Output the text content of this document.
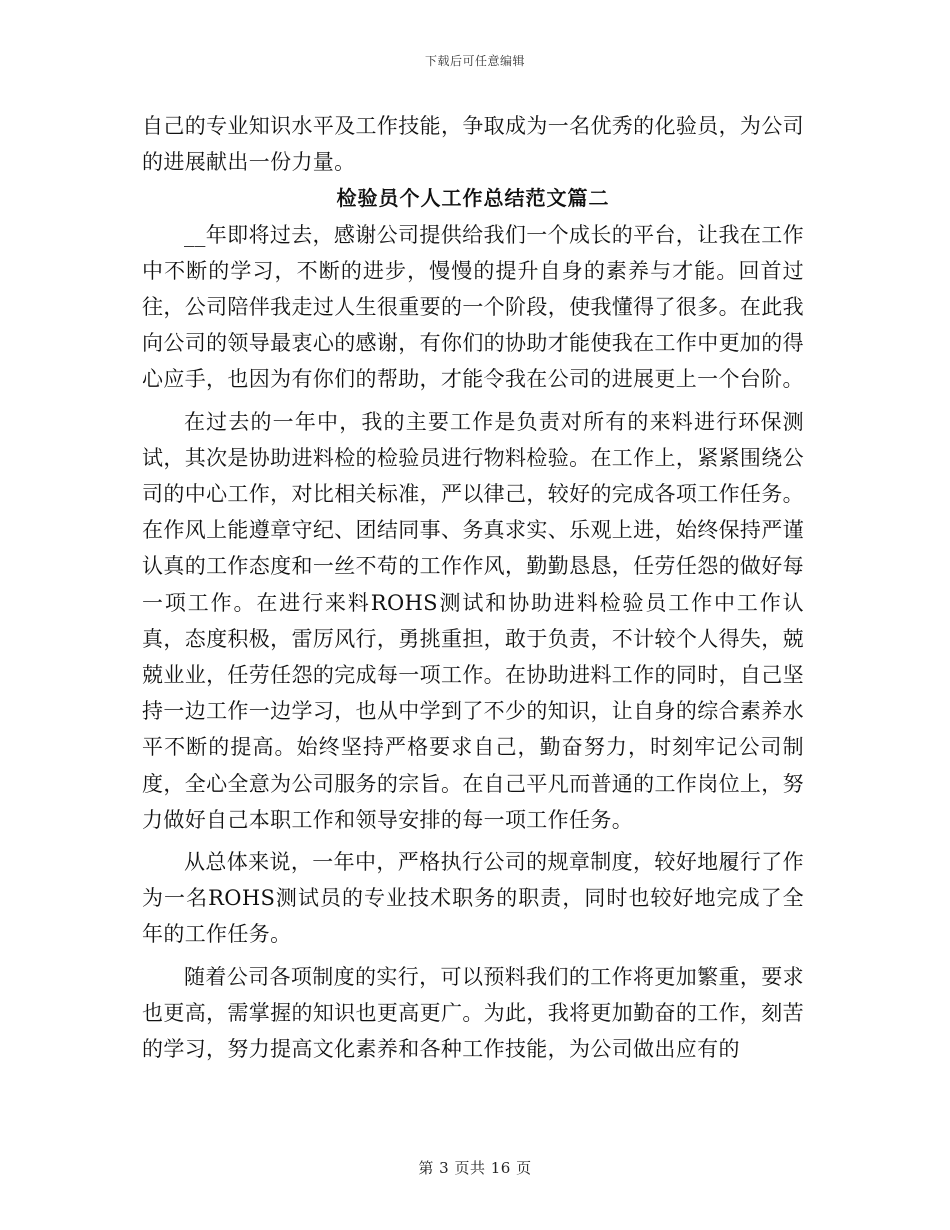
下载后可任意编辑

自己的专业知识水平及工作技能，争取成为一名优秀的化验员，为公司的进展献出一份力量。

检验员个人工作总结范文篇二

__年即将过去，感谢公司提供给我们一个成长的平台，让我在工作中不断的学习，不断的进步，慢慢的提升自身的素养与才能。回首过往，公司陪伴我走过人生很重要的一个阶段，使我懂得了很多。在此我向公司的领导最衷心的感谢，有你们的协助才能使我在工作中更加的得心应手，也因为有你们的帮助，才能令我在公司的进展更上一个台阶。

在过去的一年中，我的主要工作是负责对所有的来料进行环保测试，其次是协助进料检的检验员进行物料检验。在工作上，紧紧围绕公司的中心工作，对比相关标准，严以律己，较好的完成各项工作任务。在作风上能遵章守纪、团结同事、务真求实、乐观上进，始终保持严谨认真的工作态度和一丝不苟的工作作风，勤勤恳恳，任劳任怨的做好每一项工作。在进行来料ROHS测试和协助进料检验员工作中工作认真，态度积极，雷厉风行，勇挑重担，敢于负责，不计较个人得失，兢兢业业，任劳任怨的完成每一项工作。在协助进料工作的同时，自己坚持一边工作一边学习，也从中学到了不少的知识，让自身的综合素养水平不断的提高。始终坚持严格要求自己，勤奋努力，时刻牢记公司制度，全心全意为公司服务的宗旨。在自己平凡而普通的工作岗位上，努力做好自己本职工作和领导安排的每一项工作任务。

从总体来说，一年中，严格执行公司的规章制度，较好地履行了作为一名ROHS测试员的专业技术职务的职责，同时也较好地完成了全年的工作任务。

随着公司各项制度的实行，可以预料我们的工作将更加繁重，要求也更高，需掌握的知识也更高更广。为此，我将更加勤奋的工作，刻苦的学习，努力提高文化素养和各种工作技能，为公司做出应有的

第 3 页共 16 页
